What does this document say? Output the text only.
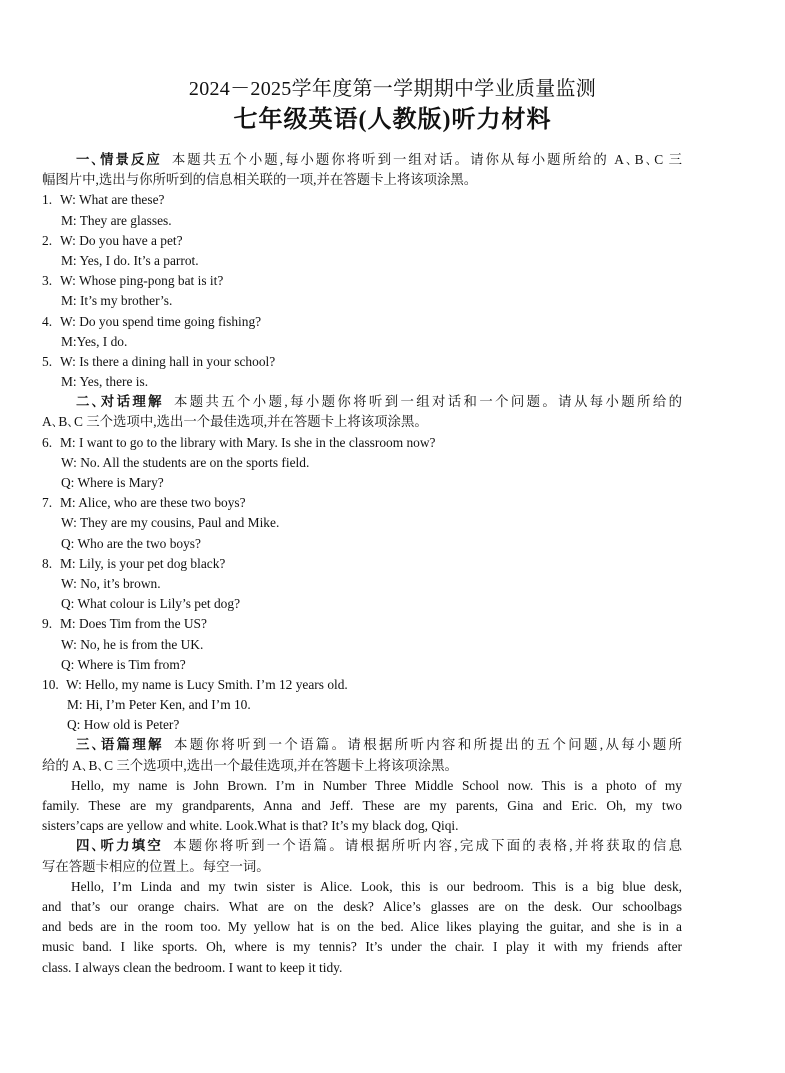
2024－2025学年度第一学期期中学业质量监测
七年级英语(人教版)听力材料
一､情景反应 本题共五个小题,每小题你将听到一组对话。请你从每小题所给的 A､B､C 三
幅图片中,选出与你所听到的信息相关联的一项,并在答题卡上将该项涂黑。
1. W: What are these?
M: They are glasses.
2. W: Do you have a pet?
M: Yes, I do. It’s a parrot.
3. W: Whose ping-pong bat is it?
M: It’s my brother’s.
4. W: Do you spend time going fishing?
M:Yes, I do.
5. W: Is there a dining hall in your school?
M: Yes, there is.
二､对话理解 本题共五个小题,每小题你将听到一组对话和一个问题。请从每小题所给的
A､B､C 三个选项中,选出一个最佳选项,并在答题卡上将该项涂黑。
6. M: I want to go to the library with Mary. Is she in the classroom now?
W: No. All the students are on the sports field.
Q: Where is Mary?
7. M: Alice, who are these two boys?
W: They are my cousins, Paul and Mike.
Q: Who are the two boys?
8. M: Lily, is your pet dog black?
W: No, it’s brown.
Q: What colour is Lily’s pet dog?
9. M: Does Tim from the US?
W: No, he is from the UK.
Q: Where is Tim from?
10. W: Hello, my name is Lucy Smith. I’m 12 years old.
M: Hi, I’m Peter Ken, and I’m 10.
Q: How old is Peter?
三､语篇理解 本题你将听到一个语篇。请根据所听内容和所提出的五个问题,从每小题所
给的 A､B､C 三个选项中,选出一个最佳选项,并在答题卡上将该项涂黑。
Hello, my name is John Brown. I’m in Number Three Middle School now. This is a photo of my
family. These are my grandparents, Anna and Jeff. These are my parents, Gina and Eric. Oh, my two
sisters’caps are yellow and white. Look.What is that? It’s my black dog, Qiqi.
四､听力填空 本题你将听到一个语篇。请根据所听内容,完成下面的表格,并将获取的信息
写在答题卡相应的位置上。每空一词。
Hello, I’m Linda and my twin sister is Alice. Look, this is our bedroom. This is a big blue desk,
and that’s our orange chairs. What are on the desk? Alice’s glasses are on the desk. Our schoolbags
and beds are in the room too. My yellow hat is on the bed. Alice likes playing the guitar, and she is in a
music band. I like sports. Oh, where is my tennis? It’s under the chair. I play it with my friends after
class. I always clean the bedroom. I want to keep it tidy.
